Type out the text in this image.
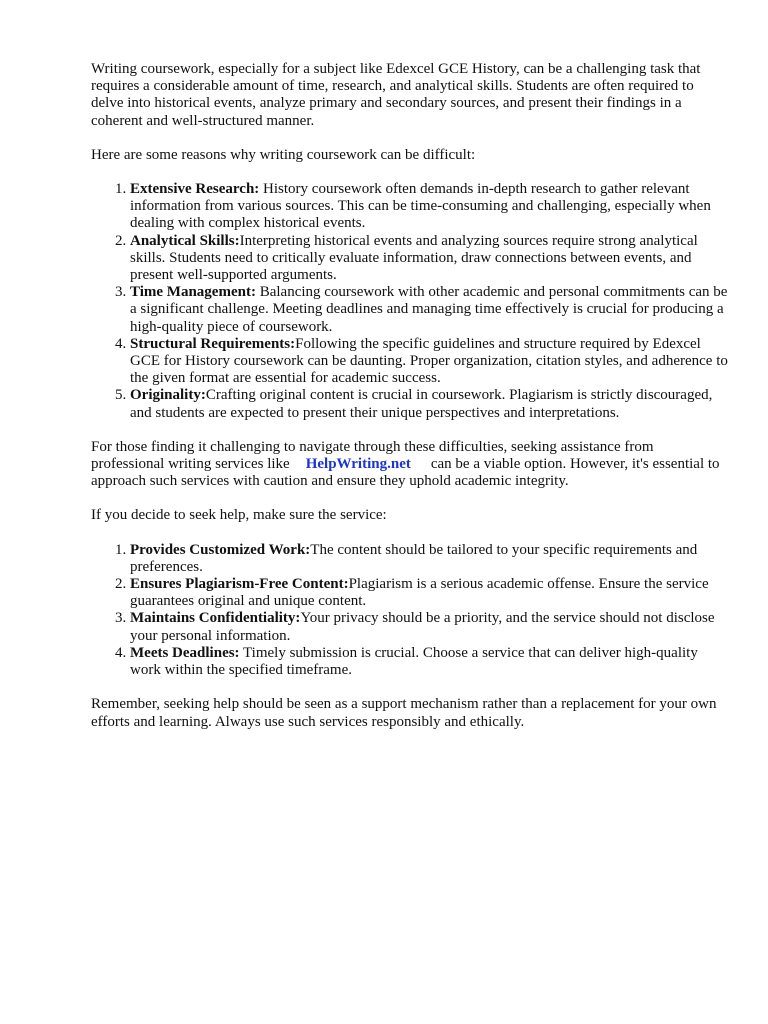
Writing coursework, especially for a subject like Edexcel GCE History, can be a challenging task that requires a considerable amount of time, research, and analytical skills. Students are often required to delve into historical events, analyze primary and secondary sources, and present their findings in a coherent and well-structured manner.

Here are some reasons why writing coursework can be difficult:

1. Extensive Research: History coursework often demands in-depth research to gather relevant information from various sources. This can be time-consuming and challenging, especially when dealing with complex historical events.
2. Analytical Skills:Interpreting historical events and analyzing sources require strong analytical skills. Students need to critically evaluate information, draw connections between events, and present well-supported arguments.
3. Time Management: Balancing coursework with other academic and personal commitments can be a significant challenge. Meeting deadlines and managing time effectively is crucial for producing a high-quality piece of coursework.
4. Structural Requirements:Following the specific guidelines and structure required by Edexcel GCE for History coursework can be daunting. Proper organization, citation styles, and adherence to the given format are essential for academic success.
5. Originality:Crafting original content is crucial in coursework. Plagiarism is strictly discouraged, and students are expected to present their unique perspectives and interpretations.

For those finding it challenging to navigate through these difficulties, seeking assistance from professional writing services like HelpWriting.net can be a viable option. However, it's essential to approach such services with caution and ensure they uphold academic integrity.

If you decide to seek help, make sure the service:

1. Provides Customized Work:The content should be tailored to your specific requirements and preferences.
2. Ensures Plagiarism-Free Content:Plagiarism is a serious academic offense. Ensure the service guarantees original and unique content.
3. Maintains Confidentiality:Your privacy should be a priority, and the service should not disclose your personal information.
4. Meets Deadlines: Timely submission is crucial. Choose a service that can deliver high-quality work within the specified timeframe.

Remember, seeking help should be seen as a support mechanism rather than a replacement for your own efforts and learning. Always use such services responsibly and ethically.
